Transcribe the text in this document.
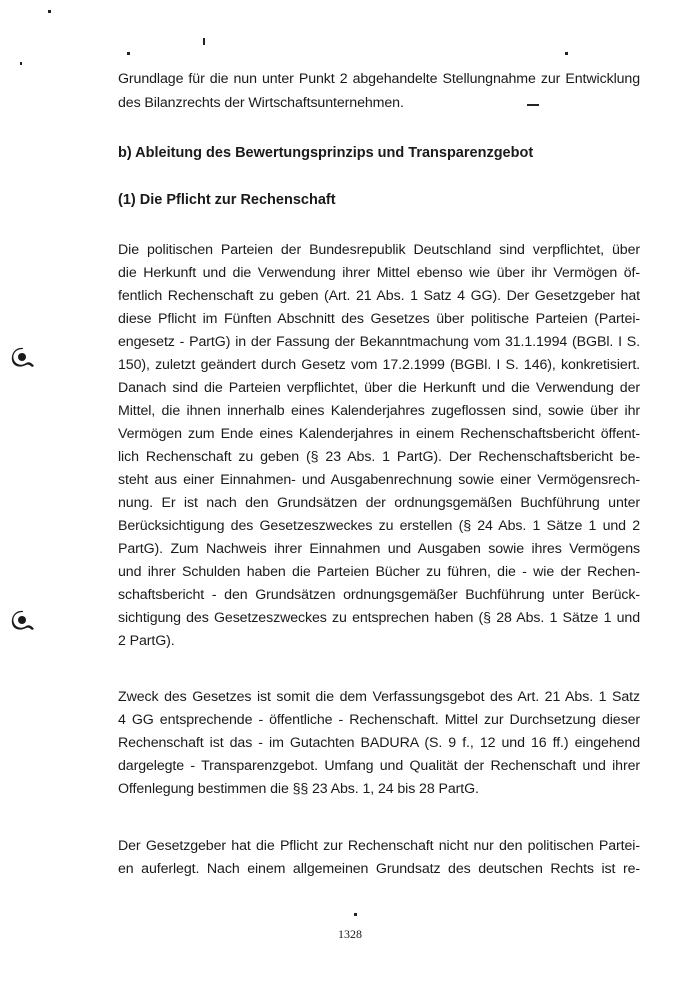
Grundlage für die nun unter Punkt 2 abgehandelte Stellungnahme zur Entwicklung
des Bilanzrechts der Wirtschaftsunternehmen.
b) Ableitung des Bewertungsprinzips und Transparenzgebot
(1) Die Pflicht zur Rechenschaft
Die politischen Parteien der Bundesrepublik Deutschland sind verpflichtet, über
die Herkunft und die Verwendung ihrer Mittel ebenso wie über ihr Vermögen öf-
fentlich Rechenschaft zu geben (Art. 21 Abs. 1 Satz 4 GG). Der Gesetzgeber hat
diese Pflicht im Fünften Abschnitt des Gesetzes über politische Parteien (Partei-
engesetz - PartG) in der Fassung der Bekanntmachung vom 31.1.1994 (BGBl. I S.
150), zuletzt geändert durch Gesetz vom 17.2.1999 (BGBl. I S. 146), konkretisiert.
Danach sind die Parteien verpflichtet, über die Herkunft und die Verwendung der
Mittel, die ihnen innerhalb eines Kalenderjahres zugeflossen sind, sowie über ihr
Vermögen zum Ende eines Kalenderjahres in einem Rechenschaftsbericht öffent-
lich Rechenschaft zu geben (§ 23 Abs. 1 PartG). Der Rechenschaftsbericht be-
steht aus einer Einnahmen- und Ausgabenrechnung sowie einer Vermögensrech-
nung. Er ist nach den Grundsätzen der ordnungsgemäßen Buchführung unter
Berücksichtigung des Gesetzeszweckes zu erstellen (§ 24 Abs. 1 Sätze 1 und 2
PartG). Zum Nachweis ihrer Einnahmen und Ausgaben sowie ihres Vermögens
und ihrer Schulden haben die Parteien Bücher zu führen, die - wie der Rechen-
schaftsbericht - den Grundsätzen ordnungsgemäßer Buchführung unter Berück-
sichtigung des Gesetzeszweckes zu entsprechen haben (§ 28 Abs. 1 Sätze 1 und
2 PartG).
Zweck des Gesetzes ist somit die dem Verfassungsgebot des Art. 21 Abs. 1 Satz
4 GG entsprechende - öffentliche - Rechenschaft. Mittel zur Durchsetzung dieser
Rechenschaft ist das - im Gutachten BADURA (S. 9 f., 12 und 16 ff.) eingehend
dargelegte - Transparenzgebot. Umfang und Qualität der Rechenschaft und ihrer
Offenlegung bestimmen die §§ 23 Abs. 1, 24 bis 28 PartG.
Der Gesetzgeber hat die Pflicht zur Rechenschaft nicht nur den politischen Partei-
en auferlegt. Nach einem allgemeinen Grundsatz des deutschen Rechts ist re-
1328
